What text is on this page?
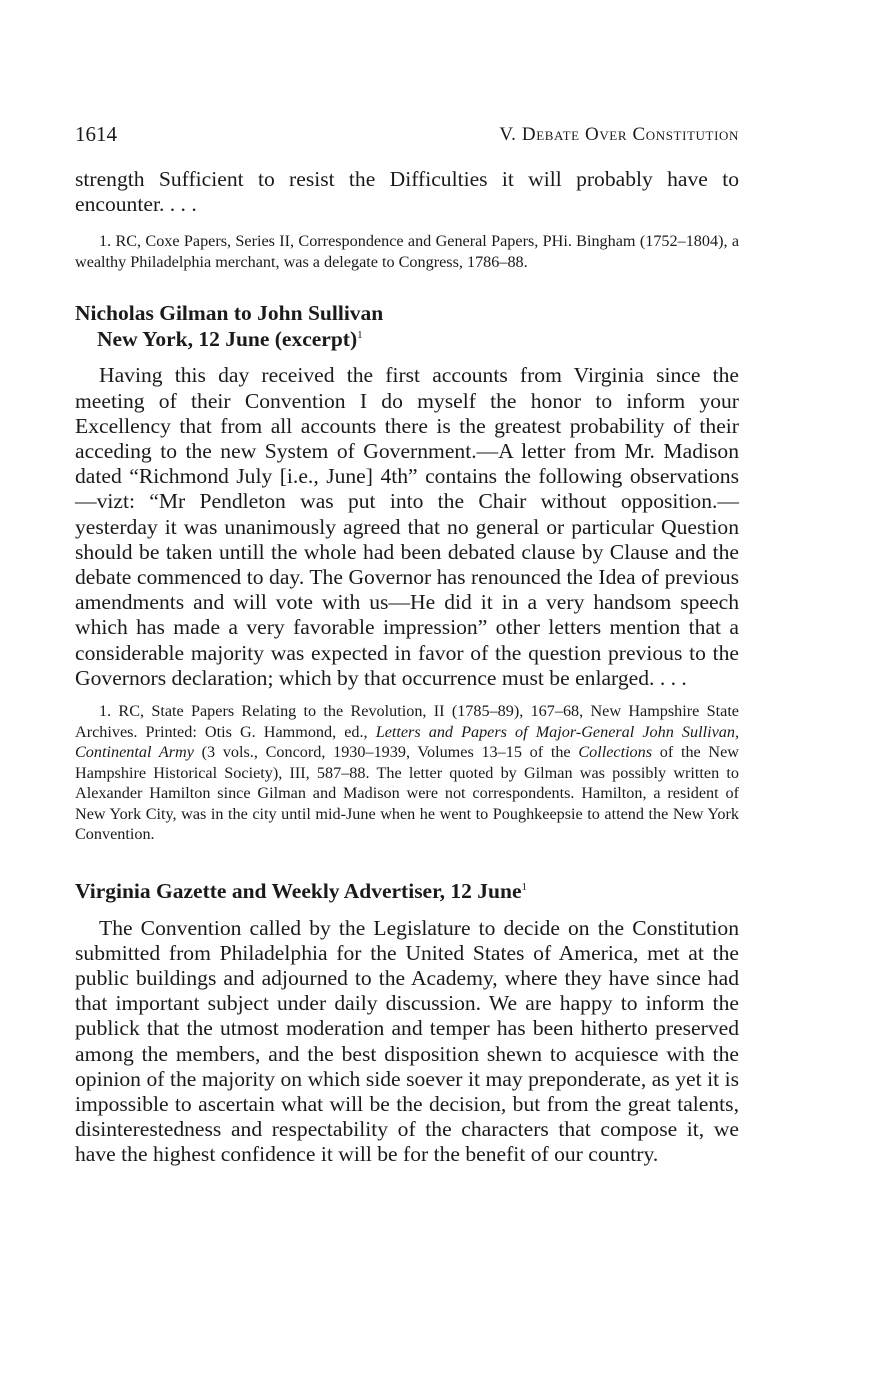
1614	V. Debate Over Constitution

strength Sufficient to resist the Difficulties it will probably have to encounter. . . .

1. RC, Coxe Papers, Series II, Correspondence and General Papers, PHi. Bingham (1752–1804), a wealthy Philadelphia merchant, was a delegate to Congress, 1786–88.

Nicholas Gilman to John Sullivan
New York, 12 June (excerpt)$^1$

Having this day received the first accounts from Virginia since the meeting of their Convention I do myself the honor to inform your Excellency that from all accounts there is the greatest probability of their acceding to the new System of Government.—A letter from Mr. Madison dated “Richmond July [i.e., June] 4th” contains the following observations—vizt: “Mr Pendleton was put into the Chair without opposition.—yesterday it was unanimously agreed that no general or particular Question should be taken untill the whole had been debated clause by Clause and the debate commenced to day. The Governor has renounced the Idea of previous amendments and will vote with us—He did it in a very handsom speech which has made a very favorable impression” other letters mention that a considerable majority was expected in favor of the question previous to the Governors declaration; which by that occurrence must be enlarged. . . .

1. RC, State Papers Relating to the Revolution, II (1785–89), 167–68, New Hampshire State Archives. Printed: Otis G. Hammond, ed., Letters and Papers of Major-General John Sullivan, Continental Army (3 vols., Concord, 1930–1939, Volumes 13–15 of the Collections of the New Hampshire Historical Society), III, 587–88. The letter quoted by Gilman was possibly written to Alexander Hamilton since Gilman and Madison were not correspondents. Hamilton, a resident of New York City, was in the city until mid-June when he went to Poughkeepsie to attend the New York Convention.

Virginia Gazette and Weekly Advertiser, 12 June$^1$

The Convention called by the Legislature to decide on the Constitution submitted from Philadelphia for the United States of America, met at the public buildings and adjourned to the Academy, where they have since had that important subject under daily discussion. We are happy to inform the publick that the utmost moderation and temper has been hitherto preserved among the members, and the best disposition shewn to acquiesce with the opinion of the majority on which side soever it may preponderate, as yet it is impossible to ascertain what will be the decision, but from the great talents, disinterestedness and respectability of the characters that compose it, we have the highest confidence it will be for the benefit of our country.
